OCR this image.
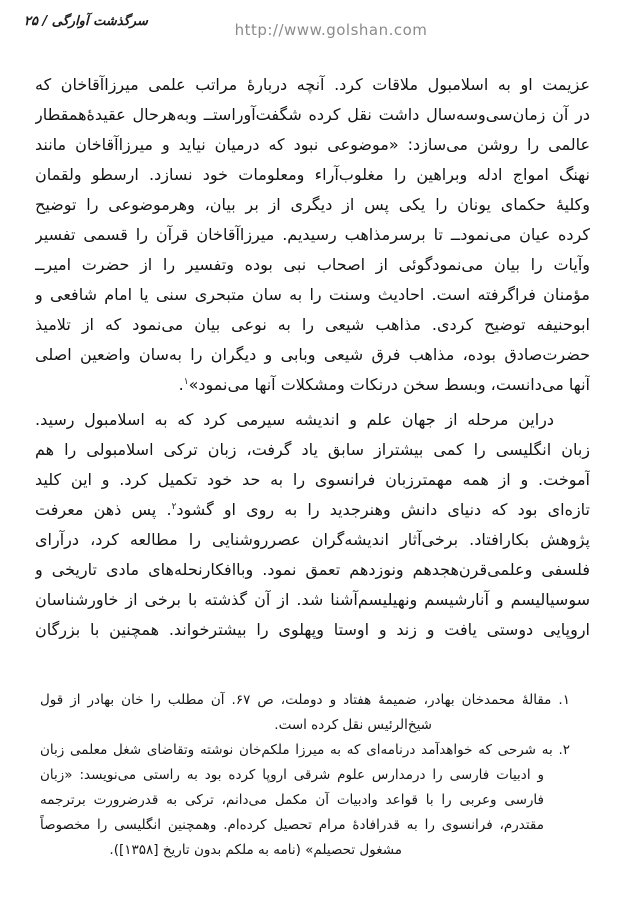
سرگذشت آوارگی / ۲۵	http://www.golshan.com
عزیمت او به اسلامبول ملاقات کرد. آنچه دربارهٔ مراتب علمی میرزاآقاخان که
در آن زمان‌سی‌وسه‌سال داشت نقل کرده شگفت‌آوراستــ وبه‌هرحال عقیدهٔ‌همقطار
عالمی را روشن می‌سازد: «موضوعی نبود که درمیان نیاید و میرزاآقاخان مانند
نهنگ امواج ادله وبراهین را مغلوب‌آراء ومعلومات خود نسازد. ارسطو ولقمان
وکلیهٔ حکمای یونان را یکی پس از دیگری از بر بیان، وهرموضوعی را توضیح
کرده عیان می‌نمودــ تا برسرمذاهب رسیدیم. میرزاآقاخان قرآن را قسمی تفسیر
وآیات را بیان می‌نمودگوئی از اصحاب نبی بوده وتفسیر را از حضرت امیرــ
مؤمنان فراگرفته است. احادیث وسنت را به سان متبحری سنی یا امام شافعی و
ابوحنیفه توضیح کردی. مذاهب شیعی را به نوعی بیان می‌نمود که از تلامیذ
حضرت‌صادق بوده، مذاهب فرق شیعی وبابی و دیگران را به‌سان واضعین اصلی
آنها می‌دانست، وبسط سخن درنکات ومشکلات آنها می‌نمود»$^۱$.
دراین مرحله از جهان علم و اندیشه سیرمی کرد که به اسلامبول رسید.
زبان انگلیسی را کمی بیشتراز سابق یاد گرفت، زبان ترکی اسلامبولی را هم
آموخت. و از همه مهمترزبان فرانسوی را به حد خود تکمیل کرد. و این کلید
تازه‌ای بود که دنیای دانش وهنرجدید را به روی او گشود$^۲$. پس ذهن معرفت
پژوهش بکارافتاد. برخی‌آثار اندیشه‌گران عصرروشنایی را مطالعه کرد، درآرای
فلسفی وعلمی‌قرن‌هجدهم ونوزدهم تعمق نمود. وباافکارنحله‌های مادی تاریخی و
سوسیالیسم و آنارشیسم ونهیلیسم‌آشنا شد. از آن گذشته با برخی از خاورشناسان
اروپایی دوستی یافت و زند و اوستا وپهلوی را بیشترخواند. همچنین با بزرگان
۱. مقالهٔ محمدخان بهادر، ضمیمهٔ هفتاد و دوملت، ص ۶۷. آن مطلب را خان بهادر از قول
شیخ‌الرئیس نقل کرده است.
۲. به شرحی که خواهدآمد درنامه‌ای که به میرزا ملکم‌خان نوشته وتقاضای شغل معلمی زبان
و ادبیات فارسی را درمدارس علوم شرقی اروپا کرده بود به راستی می‌نویسد: «زبان
فارسی وعربی را با قواعد وادبیات آن مکمل می‌دانم، ترکی به قدرضرورت برترجمه
مقتدرم، فرانسوی را به قدرافادهٔ مرام تحصیل کرده‌ام. وهمچنین انگلیسی را مخصوصاً
مشغول تحصیلم» (نامه به ملکم بدون تاریخ [۱۳۵۸]).
